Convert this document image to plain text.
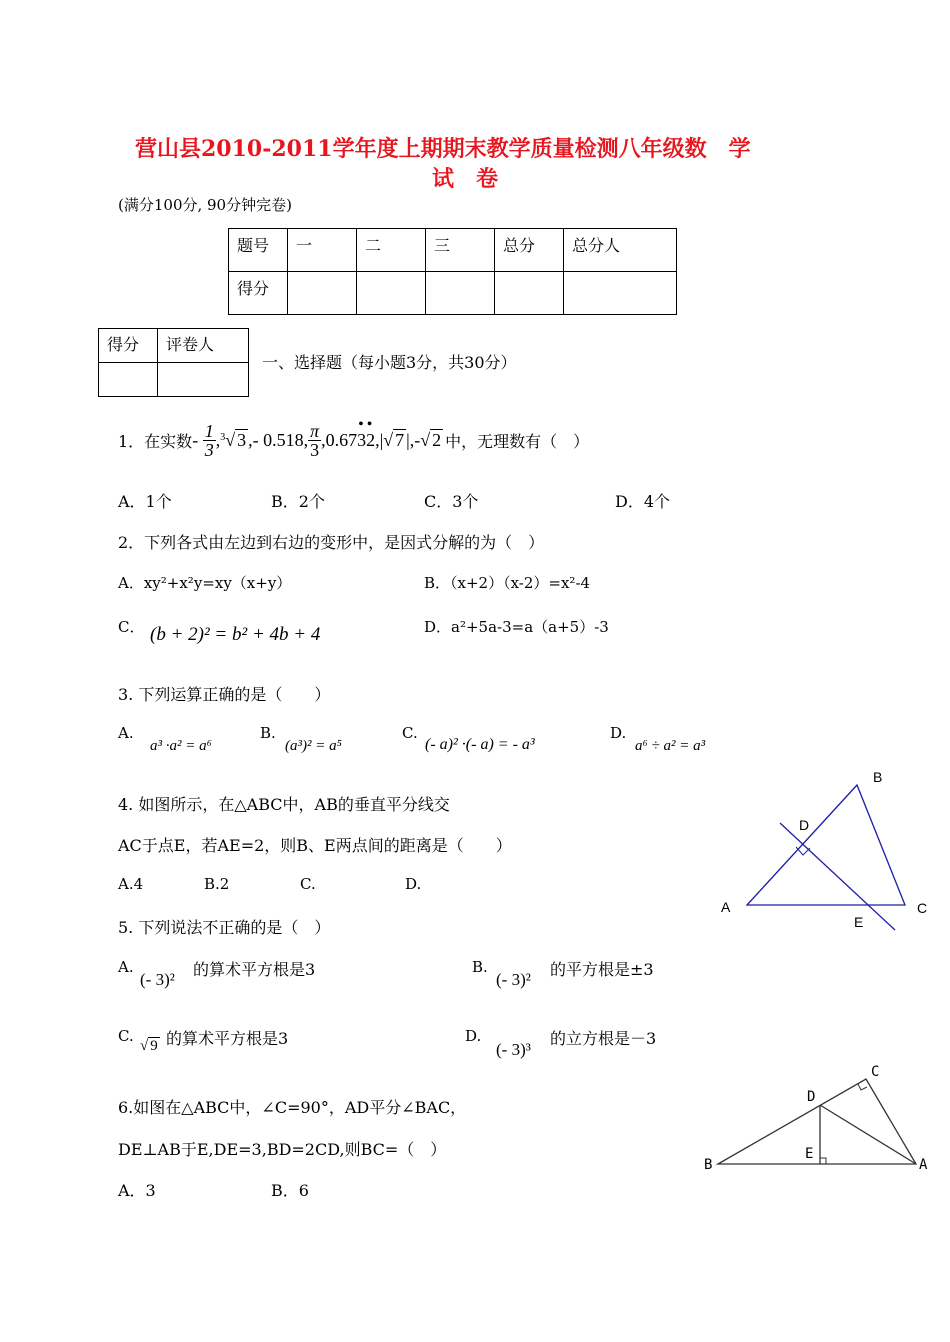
营山县2010-2011学年度上期期末教学质量检测八年级数　学
试　卷
(满分100分, 90分钟完卷)
题号	一	二	三	总分	总分人
得分					
得分	评卷人

一、选择题（每小题3分，共30分）
1．在实数 - $\frac{1}{3}$ , $^3$√ 3 ,- 0.518, $\frac{\pi}{3} ,0.67$
••
32 ,|√ 7 | ,- √ 2 中，无理数有（　）
A．1个	B．2个	C．3个	D．4个
2．下列各式由左边到右边的变形中，是因式分解的为（　）
A．xy²+x²y=xy（x+y）	B．（x+2）（x-2）=x²-4
C． (b + 2)² = b² + 4b + 4	D．a²+5a-3=a（a+5）-3
3. 下列运算正确的是（　　）
A.
a³ ·a² = a⁶
B.
(a³)² = a⁵
C.
(- a)² ·(- a) = - a³
D.
a⁶ ÷ a² = a³
4. 如图所示，在△ABC中，AB的垂直平分线交
AC于点E，若AE=2，则B、E两点间的距离是（　　）
A.4	B.2	C.	D.
B
D
A
E
C
5. 下列说法不正确的是（　）
A.
(- 3)²
的算术平方根是3	B.
(- 3)²
的平方根是±3
C.
√ 9 的算术平方根是3	D.
(- 3)³
的立方根是－3
6.如图在△ABC中，∠C=90°，AD平分∠BAC，
DE⊥AB于E,DE=3,BD=2CD,则BC=（　）
A．3	B．6
B
D
C
E
A
